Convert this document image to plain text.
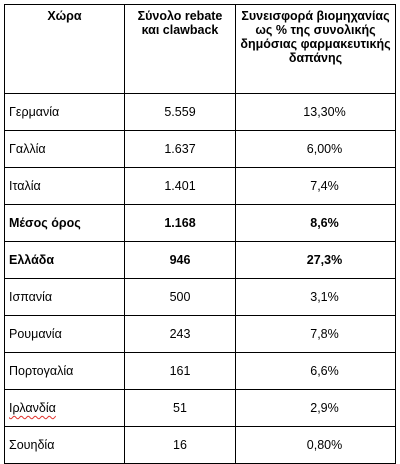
Χώρα	Σύνολο rebate και clawback	Συνεισφορά βιομηχανίας ως % της συνολικής δημόσιας φαρμακευτικής δαπάνης
Γερμανία	5.559	13,30%
Γαλλία	1.637	6,00%
Ιταλία	1.401	7,4%
Μέσος όρος	1.168	8,6%
Ελλάδα	946	27,3%
Ισπανία	500	3,1%
Ρουμανία	243	7,8%
Πορτογαλία	161	6,6%
Ιρλανδία	51	2,9%
Σουηδία	16	0,80%
